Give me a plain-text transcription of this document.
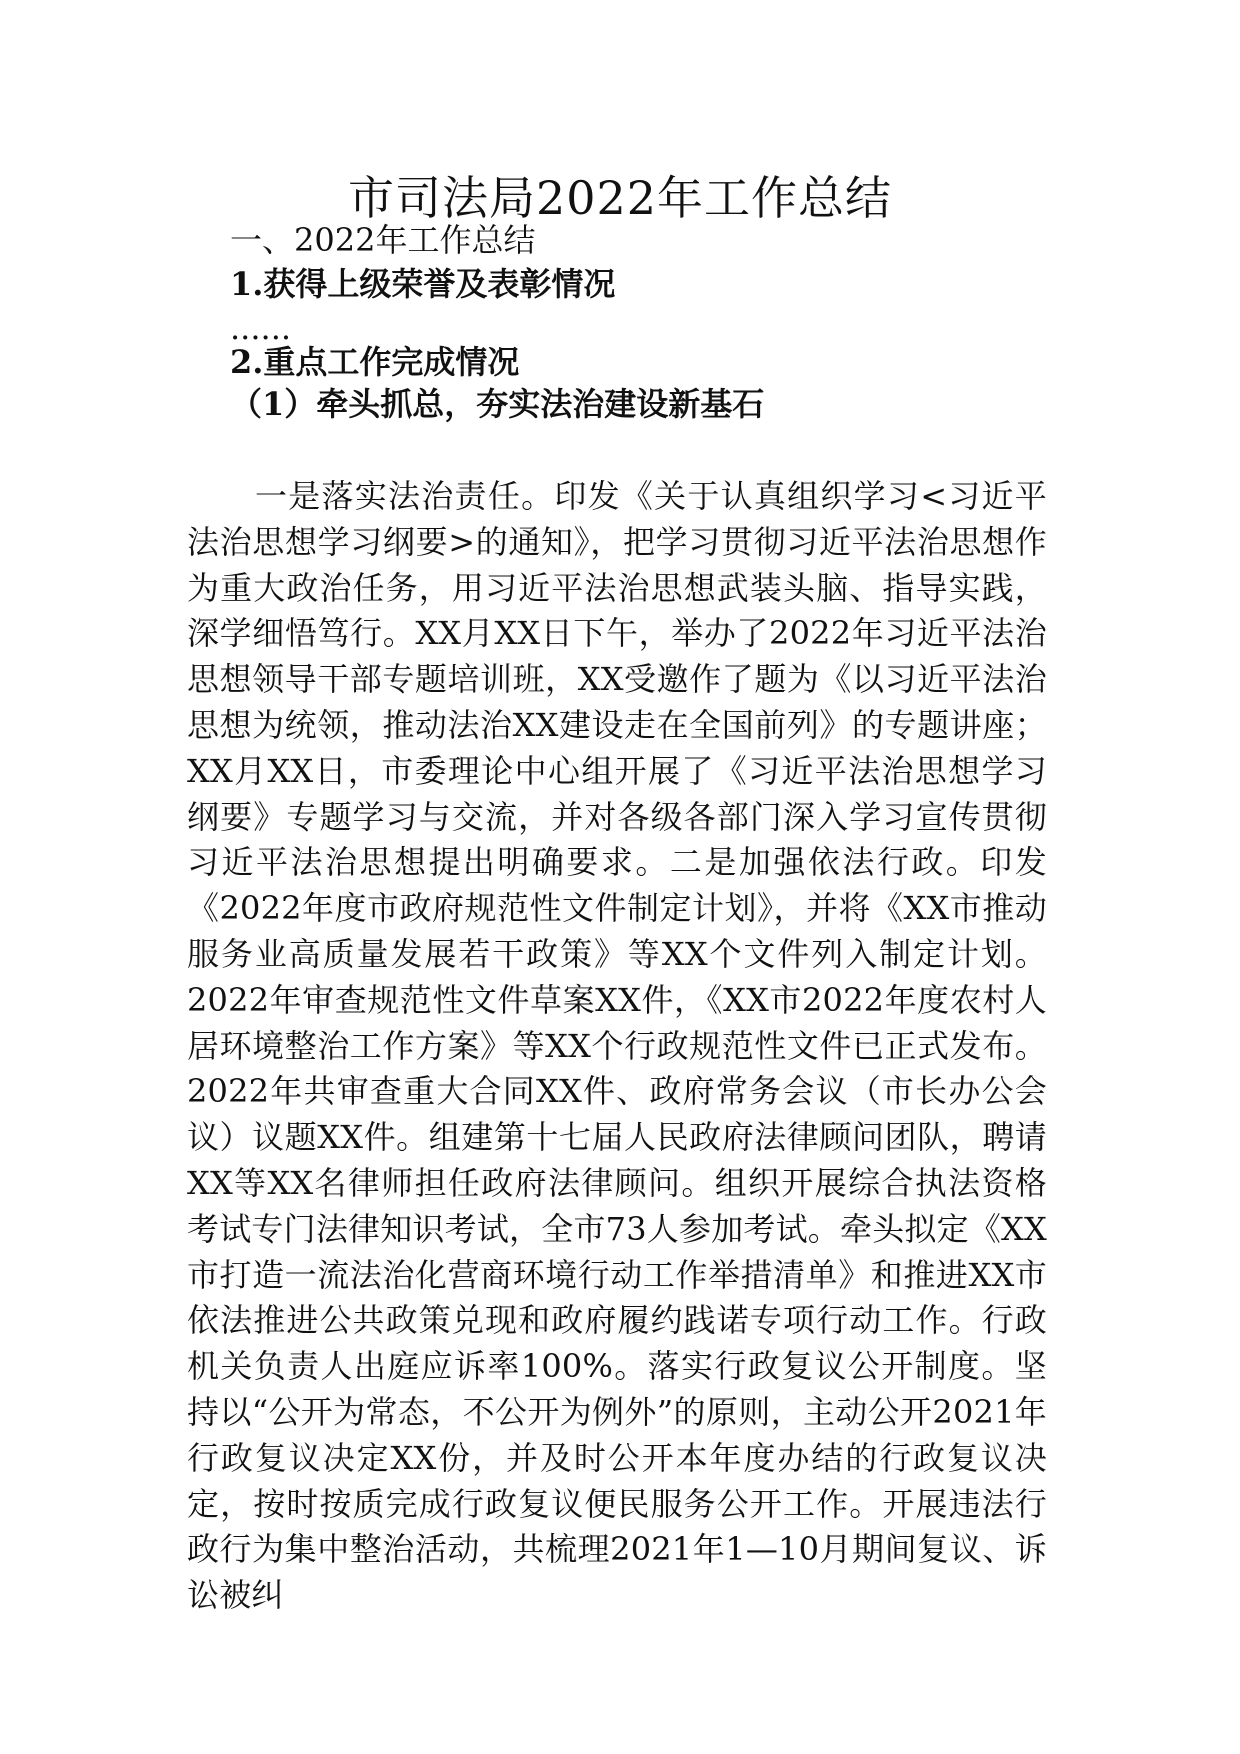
市司法局2022年工作总结
一、2022年工作总结
1.获得上级荣誉及表彰情况
......
2.重点工作完成情况
（1）牵头抓总，夯实法治建设新基石
一是落实法治责任。印发《关于认真组织学习<习近平法治思想学习纲要>的通知》，把学习贯彻习近平法治思想作为重大政治任务，用习近平法治思想武装头脑、指导实践，深学细悟笃行。XX月XX日下午，举办了2022年习近平法治思想领导干部专题培训班，XX受邀作了题为《以习近平法治思想为统领，推动法治XX建设走在全国前列》的专题讲座；XX月XX日，市委理论中心组开展了《习近平法治思想学习纲要》专题学习与交流，并对各级各部门深入学习宣传贯彻习近平法治思想提出明确要求。二是加强依法行政。印发《2022年度市政府规范性文件制定计划》，并将《XX市推动服务业高质量发展若干政策》等XX个文件列入制定计划。2022年审查规范性文件草案XX件，《XX市2022年度农村人居环境整治工作方案》等XX个行政规范性文件已正式发布。2022年共审查重大合同XX件、政府常务会议（市长办公会议）议题XX件。组建第十七届人民政府法律顾问团队，聘请XX等XX名律师担任政府法律顾问。组织开展综合执法资格考试专门法律知识考试，全市73人参加考试。牵头拟定《XX市打造一流法治化营商环境行动工作举措清单》和推进XX市依法推进公共政策兑现和政府履约践诺专项行动工作。行政机关负责人出庭应诉率100%。落实行政复议公开制度。坚持以“公开为常态，不公开为例外”的原则，主动公开2021年行政复议决定XX份，并及时公开本年度办结的行政复议决定，按时按质完成行政复议便民服务公开工作。开展违法行政行为集中整治活动，共梳理2021年1—10月期间复议、诉讼被纠
